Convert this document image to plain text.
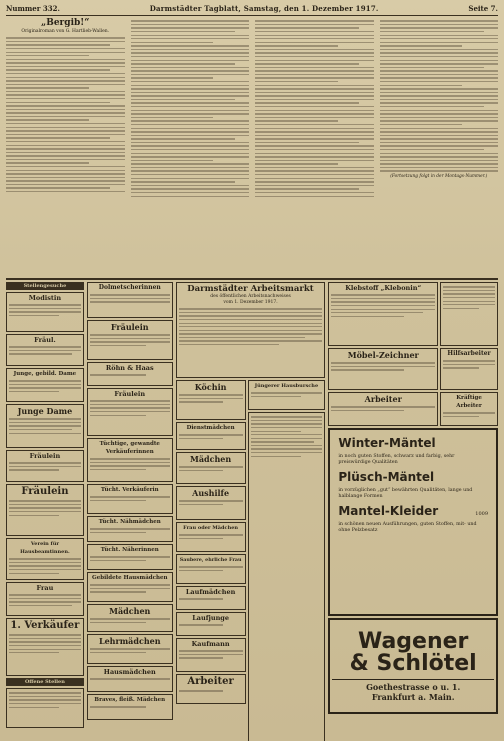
Nummer 332.	Darmstädter Tagblatt, Samstag, den 1. Dezember 1917.	Seite 7.
„Bergib!“
Originalroman von G. Hartlieb-Wallen.
(Fortsetzung folgt in der Montags-Nummer.)
Stellengesuche
Modistin
Fräul.
Junge, gebild. Dame
Junge Dame
Fräulein
Fräulein
Verein für Hausbeamtinnen.
Frau
1. Verkäufer
Offene Stellen
Dolmetscherinnen
Fräulein
Röhn & Haas
Fräulein
Tüchtige, gewandte Verkäuferinnen
Tücht. Verkäuferin
Tücht. Nähmädchen
Tücht. Näherinnen
Gebildete Hausmädchen
Mädchen
Lehrmädchen
Hausmädchen
Braves, fleiß. Mädchen
Darmstädter Arbeitsmarkt
des öffentlichen Arbeitsnachweises
vom 1. Dezember 1917.
Köchin
Dienstmädchen
Mädchen
Aushilfe
Frau oder Mädchen
Saubere, ehrliche Frau
Laufmädchen
Laufjunge
Kaufmann
Arbeiter
Jüngerer Hausbursche
Klebstoff „Klebonin“
Möbel-Zeichner	Hilfsarbeiter
Arbeiter	Kräftige Arbeiter
Winter-Mäntel
in noch guten Stoffen, schwarz und farbig, sehr preiswürdige Qualitäten
Plüsch-Mäntel
in vorzüglichen „gut“ bewährten Qualitäten, lange und halblange Formen
Mantel-Kleider	1009
in schönen neuen Ausführungen, guten Stoffen, mit- und ohne Pelzbesatz
Wagener
& Schlötel
Goethestrasse o u. 1.
Frankfurt a. Main.
